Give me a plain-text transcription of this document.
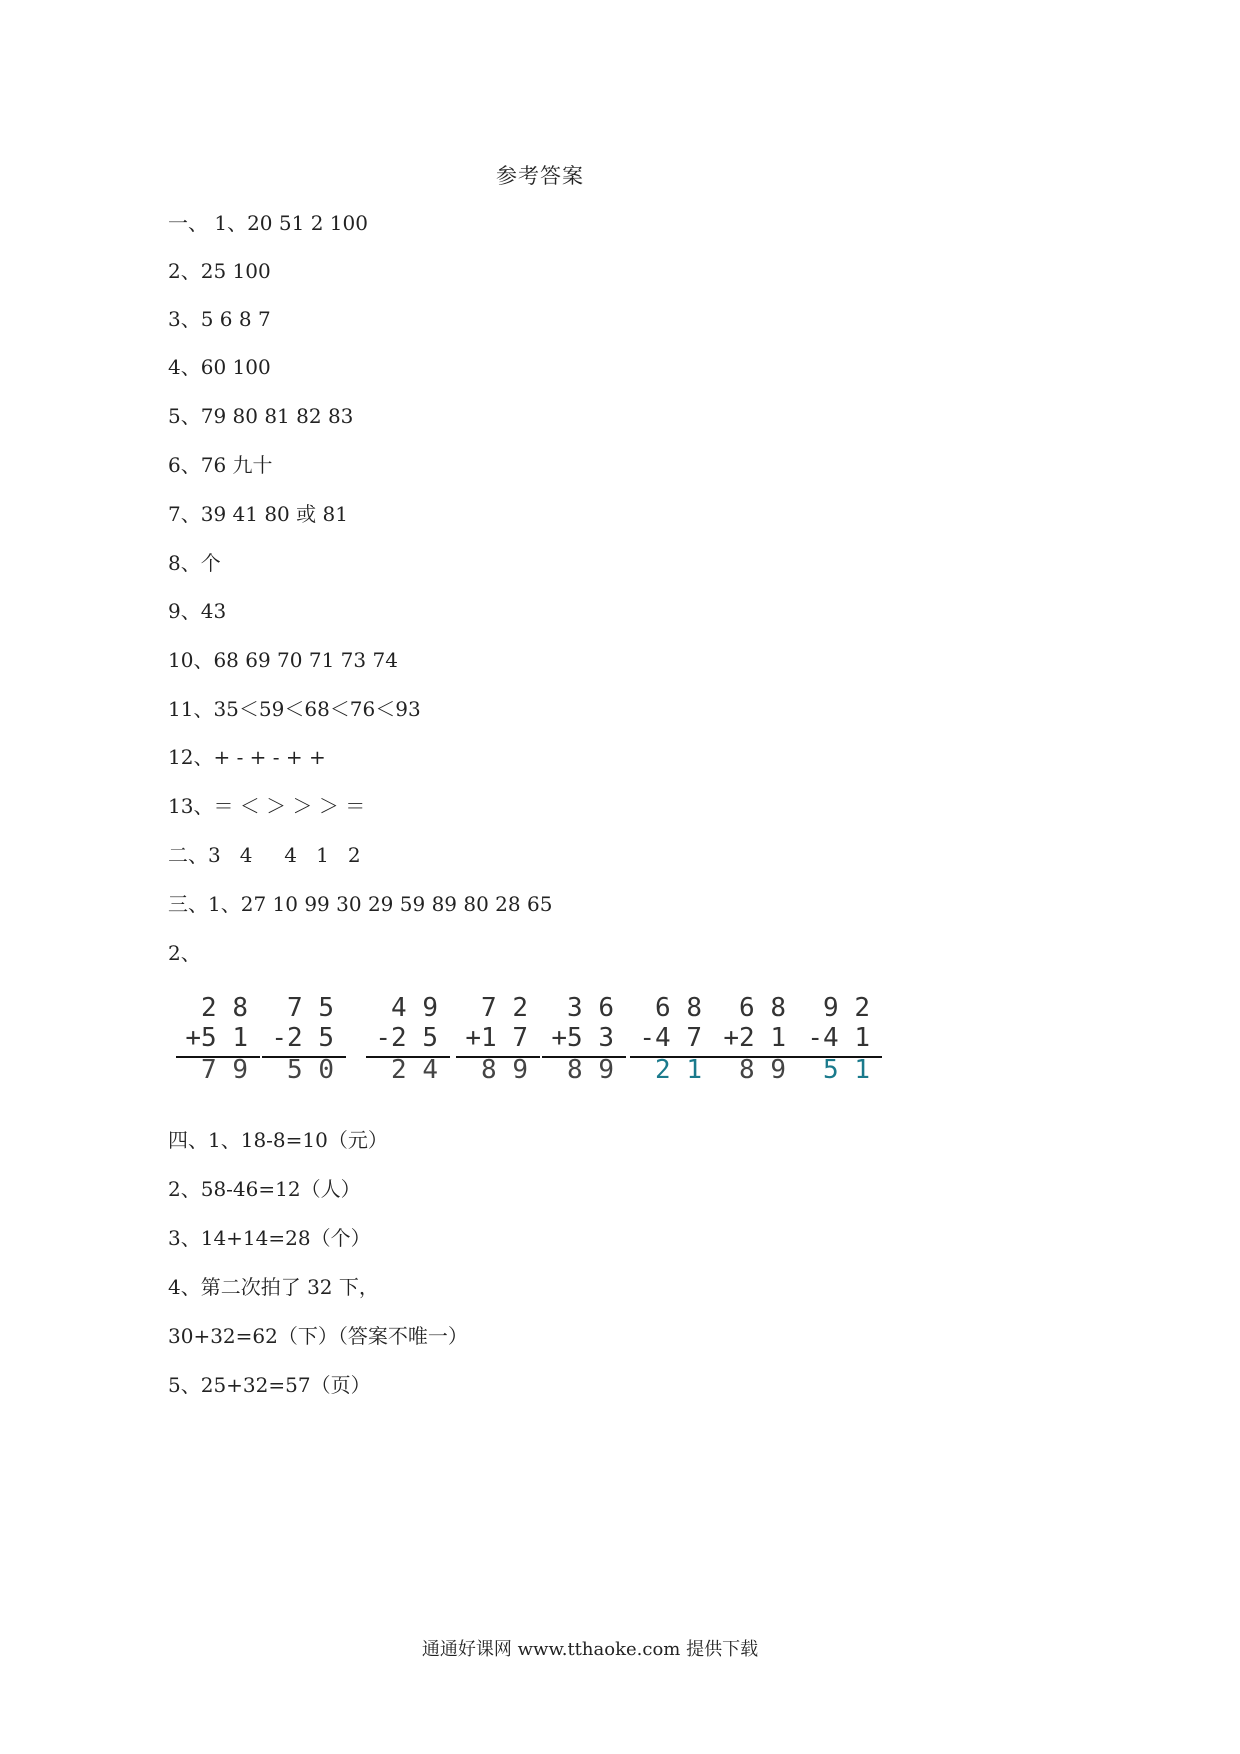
参考答案
一、 1、20 51 2 100
2、25 100
3、5 6 8 7
4、60 100
5、79 80 81 82 83
6、76 九十
7、39 41 80 或 81
8、个
9、43
10、68 69 70 71 73 74
11、35＜59＜68＜76＜93
12、+ - + - + +
13、＝ ＜ ＞ ＞ ＞ ＝
二、3   4     4   1   2
三、1、27 10 99 30 29 59 89 80 28 65
2、
2 8
+5 1
7 9
7 5
-2 5
5 0
4 9
-2 5
2 4
7 2
+1 7
8 9
3 6
+5 3
8 9
6 8
-4 7
2 1
6 8
+2 1
8 9
9 2
-4 1
5 1
四、1、18-8=10（元）
2、58-46=12（人）
3、14+14=28（个）
4、第二次拍了 32 下，
30+32=62（下）（答案不唯一）
5、25+32=57（页）
通通好课网 www.tthaoke.com 提供下载
